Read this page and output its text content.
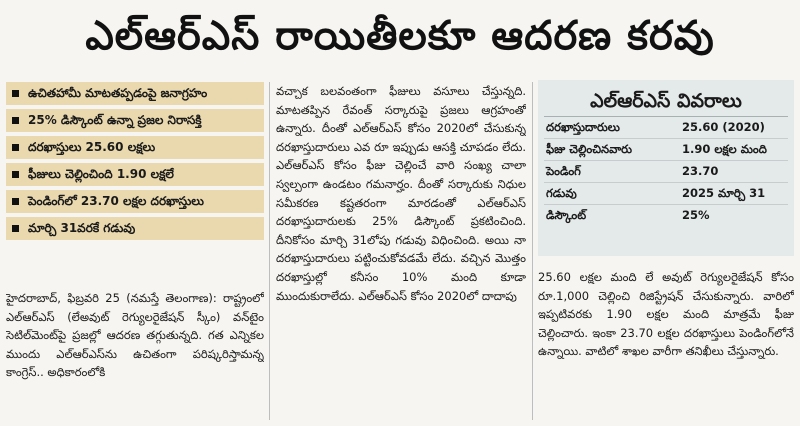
ఎల్ఆర్ఎస్ రాయితీలకూ ఆదరణ కరవు
ఉచితహామీ మాటతప్పడంపై జనాగ్రహం
25% డిస్కౌంట్ ఉన్నా ప్రజల నిరాసక్తి
దరఖాస్తులు 25.60 లక్షలు
ఫీజులు చెల్లించింది 1.90 లక్షలే
పెండింగ్‌లో 23.70 లక్షల దరఖాస్తులు
మార్చి 31వరకే గడువు
హైదరాబాద్, ఫిబ్రవరి 25 (నమస్తే తెలంగాణ): రాష్ట్రంలో ఎల్ఆర్ఎస్ (లేఅవుట్ రెగ్యులరైజేషన్ స్కీం) వన్‌టైం సెటిల్‌మెంట్‌పై ప్రజల్లో ఆదరణ తగ్గుతున్నది. గత ఎన్నికల ముందు ఎల్ఆర్ఎస్‌ను ఉచితంగా పరిష్కరిస్తామన్న కాంగ్రెస్.. అధికారంలోకి
వచ్చాక బలవంతంగా ఫీజులు వసూలు చేస్తున్నది. మాటతప్పిన రేవంత్ సర్కారుపై ప్రజలు ఆగ్రహంతో ఉన్నారు. దీంతో ఎల్ఆర్ఎస్ కోసం 2020లో చేసుకున్న దరఖాస్తుదారులు ఎవ రూ ఇప్పుడు ఆసక్తి చూపడం లేదు. ఎల్ఆర్ఎస్ కోసం ఫీజు చెల్లించే వారి సంఖ్య చాలా స్వల్పంగా ఉండటం గమనార్హం. దీంతో సర్కారుకు నిధుల సమీకరణ కష్టతరంగా మారడంతో ఎల్ఆర్ఎస్ దరఖాస్తుదారులకు 25% డిస్కౌంట్ ప్రకటించింది. దీనికోసం మార్చి 31లోపు గడువు విధించింది. అయి నా దరఖాస్తుదారులు పట్టించుకోవడమే లేదు. వచ్చిన మొత్తం దరఖాస్తుల్లో కనీసం 10% మంది కూడా ముందుకురాలేదు. ఎల్ఆర్ఎస్ కోసం 2020లో దాదాపు
ఎల్ఆర్ఎస్ వివరాలు
దరఖాస్తుదారులు	25.60 (2020)
ఫీజు చెల్లించినవారు	1.90 లక్షల మంది
పెండింగ్	23.70
గడువు	2025 మార్చి 31
డిస్కౌంట్	25%
25.60 లక్షల మంది లే అవుట్ రెగ్యులరైజేషన్ కోసం రూ.1,000 చెల్లించి రిజిస్ట్రేషన్ చేసుకున్నారు. వారిలో ఇప్పటివరకు 1.90 లక్షల మంది మాత్రమే ఫీజు చెల్లించారు. ఇంకా 23.70 లక్షల దరఖాస్తులు పెండింగ్‌లోనే ఉన్నాయి. వాటిలో శాఖల వారీగా తనిఖీలు చేస్తున్నారు.
